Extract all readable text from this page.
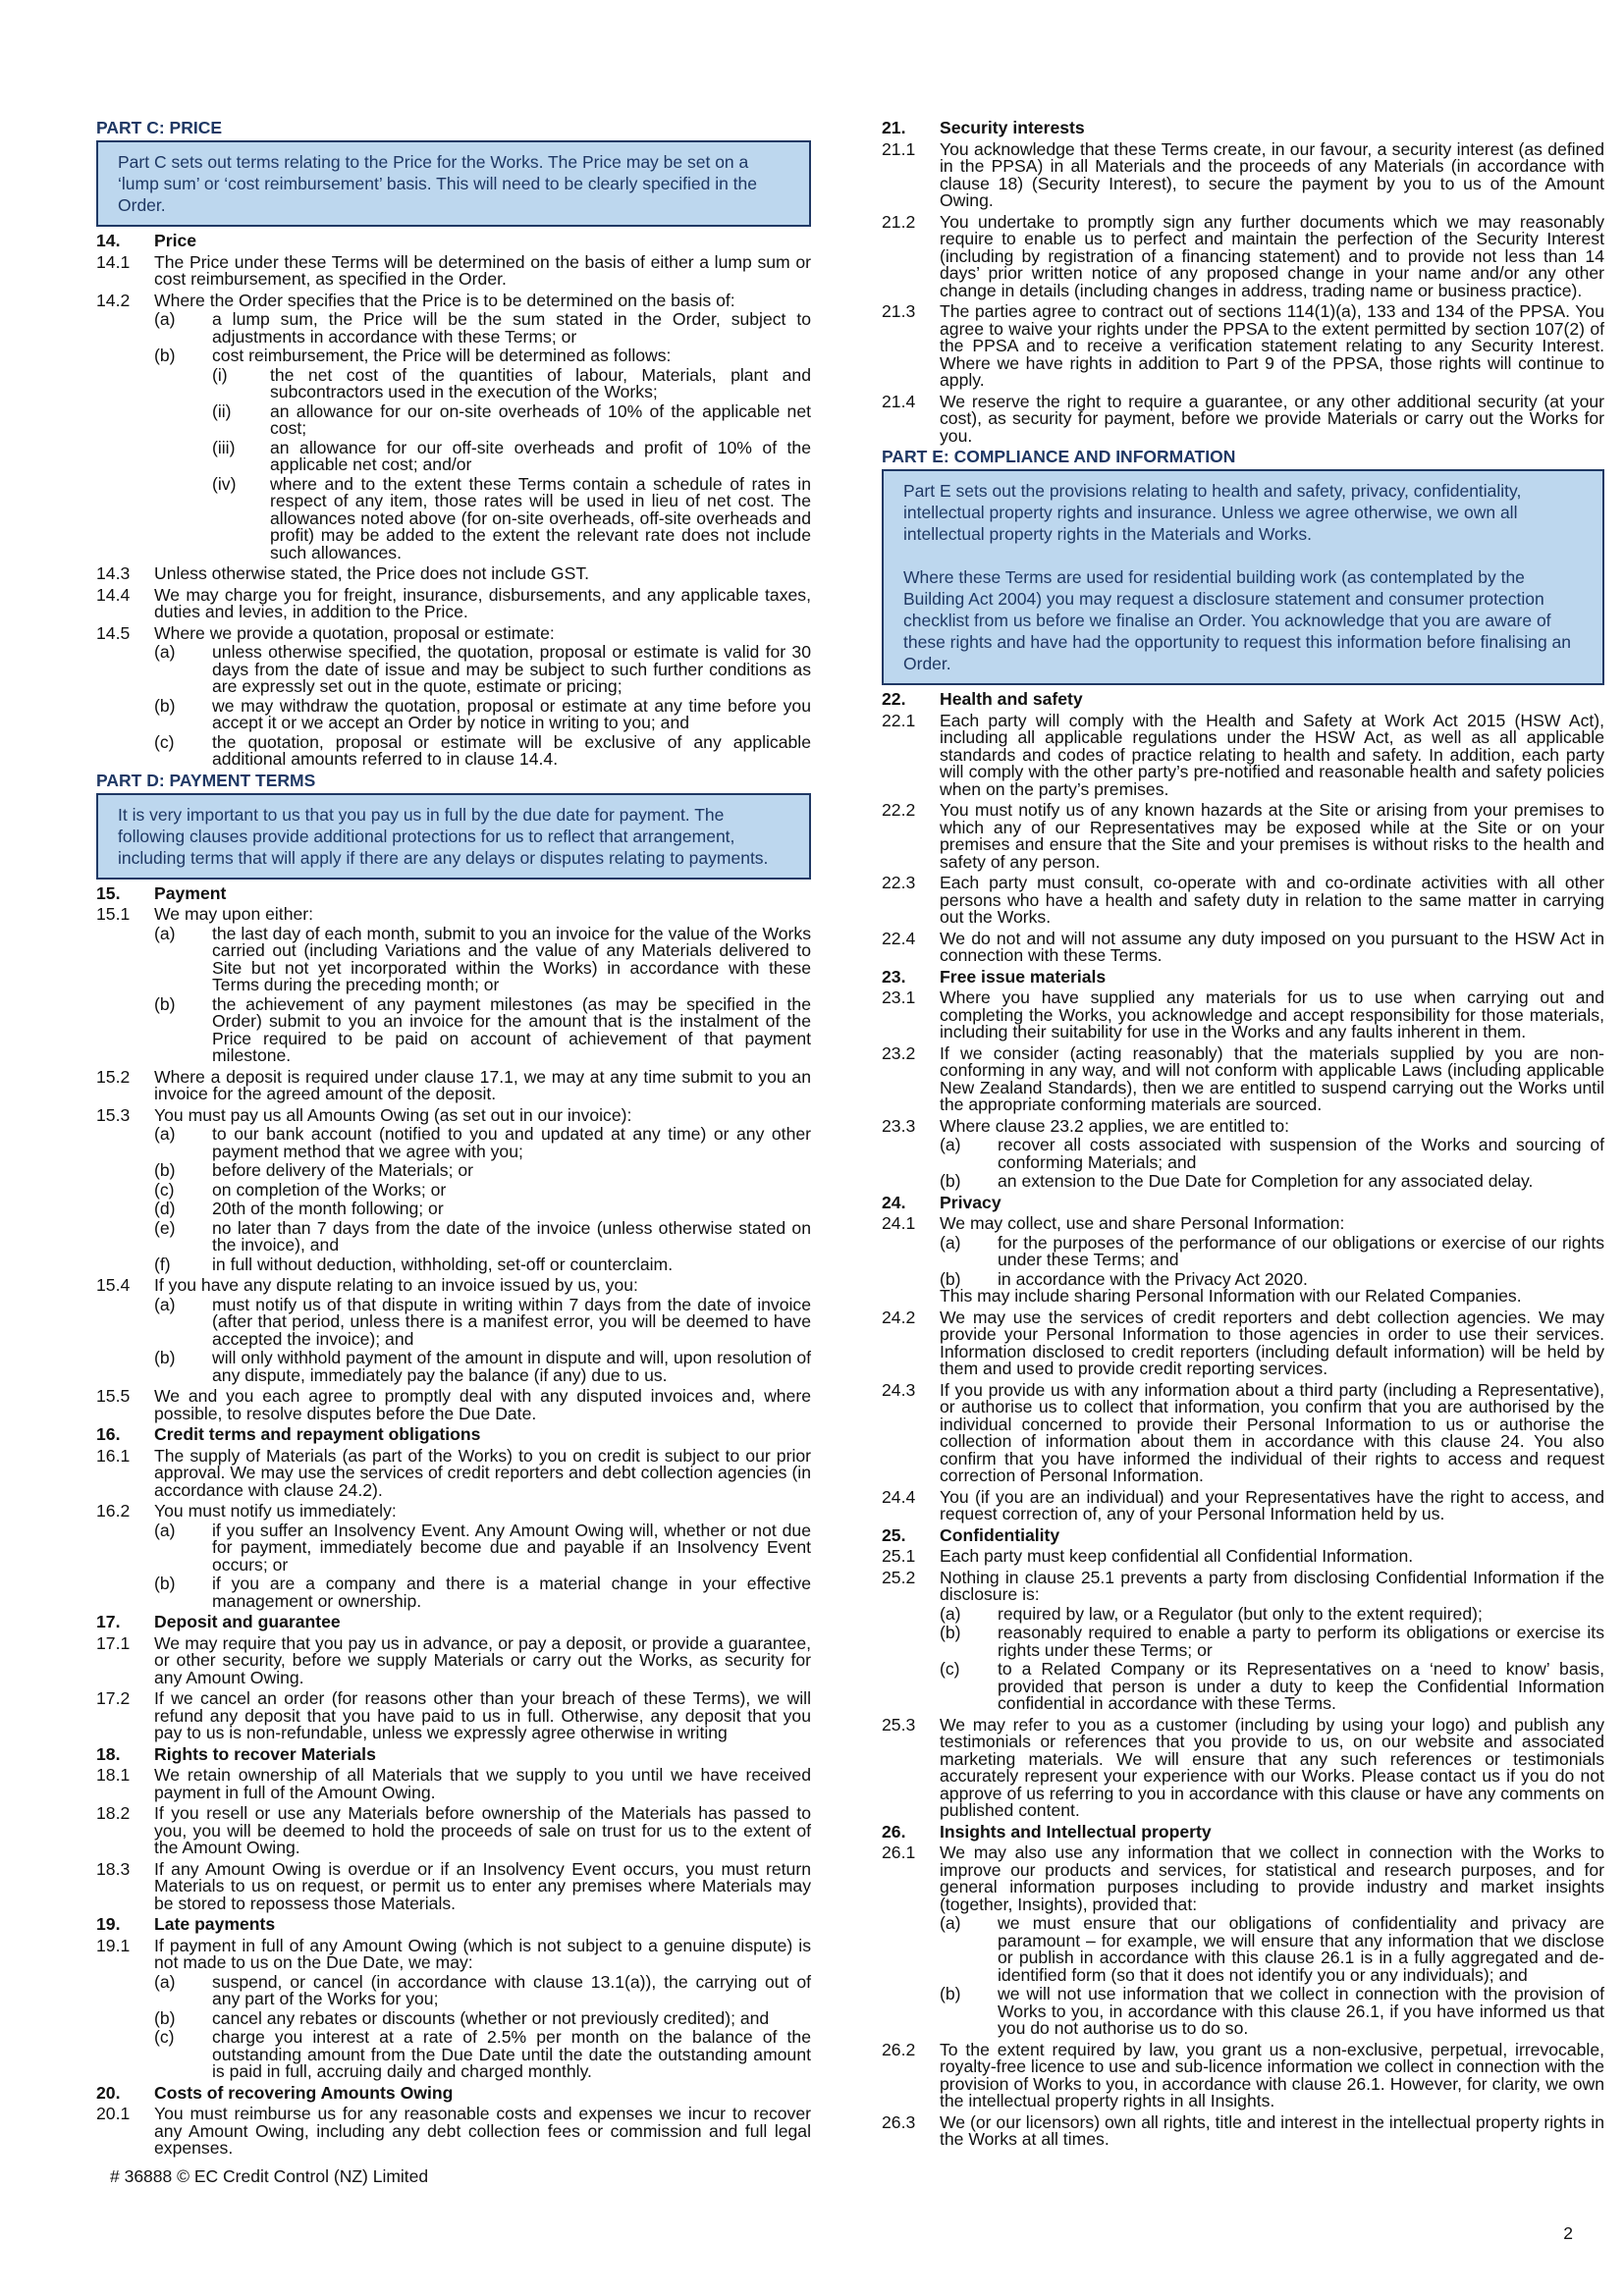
PART C: PRICE

Part C sets out terms relating to the Price for the Works. The Price may be set on a ‘lump sum’ or ‘cost reimbursement’ basis. This will need to be clearly specified in the Order.

14.	Price
14.1	The Price under these Terms will be determined on the basis of either a lump sum or cost reimbursement, as specified in the Order.
14.2	Where the Order specifies that the Price is to be determined on the basis of:
(a)	a lump sum, the Price will be the sum stated in the Order, subject to adjustments in accordance with these Terms; or
(b)	cost reimbursement, the Price will be determined as follows:
(i)	the net cost of the quantities of labour, Materials, plant and subcontractors used in the execution of the Works;
(ii)	an allowance for our on-site overheads of 10% of the applicable net cost;
(iii)	an allowance for our off-site overheads and profit of 10% of the applicable net cost; and/or
(iv)	where and to the extent these Terms contain a schedule of rates in respect of any item, those rates will be used in lieu of net cost. The allowances noted above (for on-site overheads, off-site overheads and profit) may be added to the extent the relevant rate does not include such allowances.
14.3	Unless otherwise stated, the Price does not include GST.
14.4	We may charge you for freight, insurance, disbursements, and any applicable taxes, duties and levies, in addition to the Price.
14.5	Where we provide a quotation, proposal or estimate:
(a)	unless otherwise specified, the quotation, proposal or estimate is valid for 30 days from the date of issue and may be subject to such further conditions as are expressly set out in the quote, estimate or pricing;
(b)	we may withdraw the quotation, proposal or estimate at any time before you accept it or we accept an Order by notice in writing to you; and
(c)	the quotation, proposal or estimate will be exclusive of any applicable additional amounts referred to in clause 14.4.
PART D: PAYMENT TERMS

It is very important to us that you pay us in full by the due date for payment. The following clauses provide additional protections for us to reflect that arrangement, including terms that will apply if there are any delays or disputes relating to payments.

15.	Payment
15.1	We may upon either:
(a)	the last day of each month, submit to you an invoice for the value of the Works carried out (including Variations and the value of any Materials delivered to Site but not yet incorporated within the Works) in accordance with these Terms during the preceding month; or
(b)	the achievement of any payment milestones (as may be specified in the Order) submit to you an invoice for the amount that is the instalment of the Price required to be paid on account of achievement of that payment milestone.
15.2	Where a deposit is required under clause 17.1, we may at any time submit to you an invoice for the agreed amount of the deposit.
15.3	You must pay us all Amounts Owing (as set out in our invoice):
(a)	to our bank account (notified to you and updated at any time) or any other payment method that we agree with you;
(b)	before delivery of the Materials; or
(c)	on completion of the Works; or
(d)	20th of the month following; or
(e)	no later than 7 days from the date of the invoice (unless otherwise stated on the invoice), and
(f)	in full without deduction, withholding, set-off or counterclaim.
15.4	If you have any dispute relating to an invoice issued by us, you:
(a)	must notify us of that dispute in writing within 7 days from the date of invoice (after that period, unless there is a manifest error, you will be deemed to have accepted the invoice); and
(b)	will only withhold payment of the amount in dispute and will, upon resolution of any dispute, immediately pay the balance (if any) due to us.
15.5	We and you each agree to promptly deal with any disputed invoices and, where possible, to resolve disputes before the Due Date.
16.	Credit terms and repayment obligations
16.1	The supply of Materials (as part of the Works) to you on credit is subject to our prior approval. We may use the services of credit reporters and debt collection agencies (in accordance with clause 24.2).
16.2	You must notify us immediately:
(a)	if you suffer an Insolvency Event. Any Amount Owing will, whether or not due for payment, immediately become due and payable if an Insolvency Event occurs; or
(b)	if you are a company and there is a material change in your effective management or ownership.
17.	Deposit and guarantee
17.1	We may require that you pay us in advance, or pay a deposit, or provide a guarantee, or other security, before we supply Materials or carry out the Works, as security for any Amount Owing.
17.2	If we cancel an order (for reasons other than your breach of these Terms), we will refund any deposit that you have paid to us in full. Otherwise, any deposit that you pay to us is non-refundable, unless we expressly agree otherwise in writing
18.	Rights to recover Materials
18.1	We retain ownership of all Materials that we supply to you until we have received payment in full of the Amount Owing.
18.2	If you resell or use any Materials before ownership of the Materials has passed to you, you will be deemed to hold the proceeds of sale on trust for us to the extent of the Amount Owing.
18.3	If any Amount Owing is overdue or if an Insolvency Event occurs, you must return Materials to us on request, or permit us to enter any premises where Materials may be stored to repossess those Materials.
19.	Late payments
19.1	If payment in full of any Amount Owing (which is not subject to a genuine dispute) is not made to us on the Due Date, we may:
(a)	suspend, or cancel (in accordance with clause 13.1(a)), the carrying out of any part of the Works for you;
(b)	cancel any rebates or discounts (whether or not previously credited); and
(c)	charge you interest at a rate of 2.5% per month on the balance of the outstanding amount from the Due Date until the date the outstanding amount is paid in full, accruing daily and charged monthly.
20.	Costs of recovering Amounts Owing
20.1	You must reimburse us for any reasonable costs and expenses we incur to recover any Amount Owing, including any debt collection fees or commission and full legal expenses.
21.	Security interests
21.1	You acknowledge that these Terms create, in our favour, a security interest (as defined in the PPSA) in all Materials and the proceeds of any Materials (in accordance with clause 18) (Security Interest), to secure the payment by you to us of the Amount Owing.
21.2	You undertake to promptly sign any further documents which we may reasonably require to enable us to perfect and maintain the perfection of the Security Interest (including by registration of a financing statement) and to provide not less than 14 days’ prior written notice of any proposed change in your name and/or any other change in details (including changes in address, trading name or business practice).
21.3	The parties agree to contract out of sections 114(1)(a), 133 and 134 of the PPSA. You agree to waive your rights under the PPSA to the extent permitted by section 107(2) of the PPSA and to receive a verification statement relating to any Security Interest. Where we have rights in addition to Part 9 of the PPSA, those rights will continue to apply.
21.4	We reserve the right to require a guarantee, or any other additional security (at your cost), as security for payment, before we provide Materials or carry out the Works for you.
PART E: COMPLIANCE AND INFORMATION

Part E sets out the provisions relating to health and safety, privacy, confidentiality, intellectual property rights and insurance. Unless we agree otherwise, we own all intellectual property rights in the Materials and Works.

Where these Terms are used for residential building work (as contemplated by the Building Act 2004) you may request a disclosure statement and consumer protection checklist from us before we finalise an Order. You acknowledge that you are aware of these rights and have had the opportunity to request this information before finalising an Order.

22.	Health and safety
22.1	Each party will comply with the Health and Safety at Work Act 2015 (HSW Act), including all applicable regulations under the HSW Act, as well as all applicable standards and codes of practice relating to health and safety. In addition, each party will comply with the other party’s pre-notified and reasonable health and safety policies when on the party’s premises.
22.2	You must notify us of any known hazards at the Site or arising from your premises to which any of our Representatives may be exposed while at the Site or on your premises and ensure that the Site and your premises is without risks to the health and safety of any person.
22.3	Each party must consult, co-operate with and co-ordinate activities with all other persons who have a health and safety duty in relation to the same matter in carrying out the Works.
22.4	We do not and will not assume any duty imposed on you pursuant to the HSW Act in connection with these Terms.
23.	Free issue materials
23.1	Where you have supplied any materials for us to use when carrying out and completing the Works, you acknowledge and accept responsibility for those materials, including their suitability for use in the Works and any faults inherent in them.
23.2	If we consider (acting reasonably) that the materials supplied by you are non-conforming in any way, and will not conform with applicable Laws (including applicable New Zealand Standards), then we are entitled to suspend carrying out the Works until the appropriate conforming materials are sourced.
23.3	Where clause 23.2 applies, we are entitled to:
(a)	recover all costs associated with suspension of the Works and sourcing of conforming Materials; and
(b)	an extension to the Due Date for Completion for any associated delay.
24.	Privacy
24.1	We may collect, use and share Personal Information:
(a)	for the purposes of the performance of our obligations or exercise of our rights under these Terms; and
(b)	in accordance with the Privacy Act 2020.
This may include sharing Personal Information with our Related Companies.
24.2	We may use the services of credit reporters and debt collection agencies. We may provide your Personal Information to those agencies in order to use their services. Information disclosed to credit reporters (including default information) will be held by them and used to provide credit reporting services.
24.3	If you provide us with any information about a third party (including a Representative), or authorise us to collect that information, you confirm that you are authorised by the individual concerned to provide their Personal Information to us or authorise the collection of information about them in accordance with this clause 24. You also confirm that you have informed the individual of their rights to access and request correction of Personal Information.
24.4	You (if you are an individual) and your Representatives have the right to access, and request correction of, any of your Personal Information held by us.
25.	Confidentiality
25.1	Each party must keep confidential all Confidential Information.
25.2	Nothing in clause 25.1 prevents a party from disclosing Confidential Information if the disclosure is:
(a)	required by law, or a Regulator (but only to the extent required);
(b)	reasonably required to enable a party to perform its obligations or exercise its rights under these Terms; or
(c)	to a Related Company or its Representatives on a ‘need to know’ basis, provided that person is under a duty to keep the Confidential Information confidential in accordance with these Terms.
25.3	We may refer to you as a customer (including by using your logo) and publish any testimonials or references that you provide to us, on our website and associated marketing materials. We will ensure that any such references or testimonials accurately represent your experience with our Works. Please contact us if you do not approve of us referring to you in accordance with this clause or have any comments on published content.
26.	Insights and Intellectual property
26.1	We may also use any information that we collect in connection with the Works to improve our products and services, for statistical and research purposes, and for general information purposes including to provide industry and market insights (together, Insights), provided that:
(a)	we must ensure that our obligations of confidentiality and privacy are paramount – for example, we will ensure that any information that we disclose or publish in accordance with this clause 26.1 is in a fully aggregated and de-identified form (so that it does not identify you or any individuals); and
(b)	we will not use information that we collect in connection with the provision of Works to you, in accordance with this clause 26.1, if you have informed us that you do not authorise us to do so.
26.2	To the extent required by law, you grant us a non-exclusive, perpetual, irrevocable, royalty-free licence to use and sub-licence information we collect in connection with the provision of Works to you, in accordance with clause 26.1. However, for clarity, we own the intellectual property rights in all Insights.
26.3	We (or our licensors) own all rights, title and interest in the intellectual property rights in the Works at all times.
# 36888 © EC Credit Control (NZ) Limited
2
